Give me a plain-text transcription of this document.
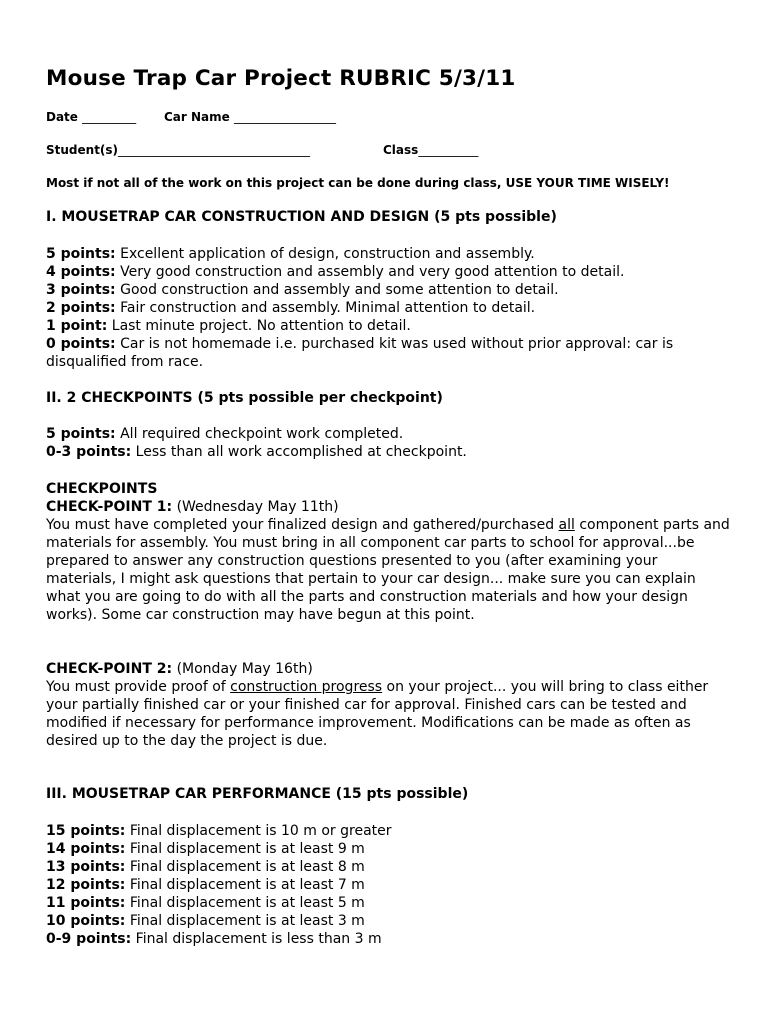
Mouse Trap Car Project RUBRIC 5/3/11
Date _________ Car Name _________________
Student(s)________________________________	Class__________
Most if not all of the work on this project can be done during class, USE YOUR TIME WISELY!
I. MOUSETRAP CAR CONSTRUCTION AND DESIGN (5 pts possible)
5 points: Excellent application of design, construction and assembly.
4 points: Very good construction and assembly and very good attention to detail.
3 points: Good construction and assembly and some attention to detail.
2 points: Fair construction and assembly. Minimal attention to detail.
1 point: Last minute project. No attention to detail.
0 points: Car is not homemade i.e. purchased kit was used without prior approval: car is disqualified from race.
II. 2 CHECKPOINTS (5 pts possible per checkpoint)
5 points: All required checkpoint work completed.
0-3 points: Less than all work accomplished at checkpoint.
CHECKPOINTS
CHECK-POINT 1: (Wednesday May 11th)
You must have completed your finalized design and gathered/purchased all component parts and materials for assembly. You must bring in all component car parts to school for approval...be prepared to answer any construction questions presented to you (after examining your materials, I might ask questions that pertain to your car design... make sure you can explain what you are going to do with all the parts and construction materials and how your design works). Some car construction may have begun at this point.
CHECK-POINT 2: (Monday May 16th)
You must provide proof of construction progress on your project... you will bring to class either your partially finished car or your finished car for approval. Finished cars can be tested and modified if necessary for performance improvement. Modifications can be made as often as desired up to the day the project is due.
III. MOUSETRAP CAR PERFORMANCE (15 pts possible)
15 points: Final displacement is 10 m or greater
14 points: Final displacement is at least 9 m
13 points: Final displacement is at least 8 m
12 points: Final displacement is at least 7 m
11 points: Final displacement is at least 5 m
10 points: Final displacement is at least 3 m
0-9 points: Final displacement is less than 3 m
